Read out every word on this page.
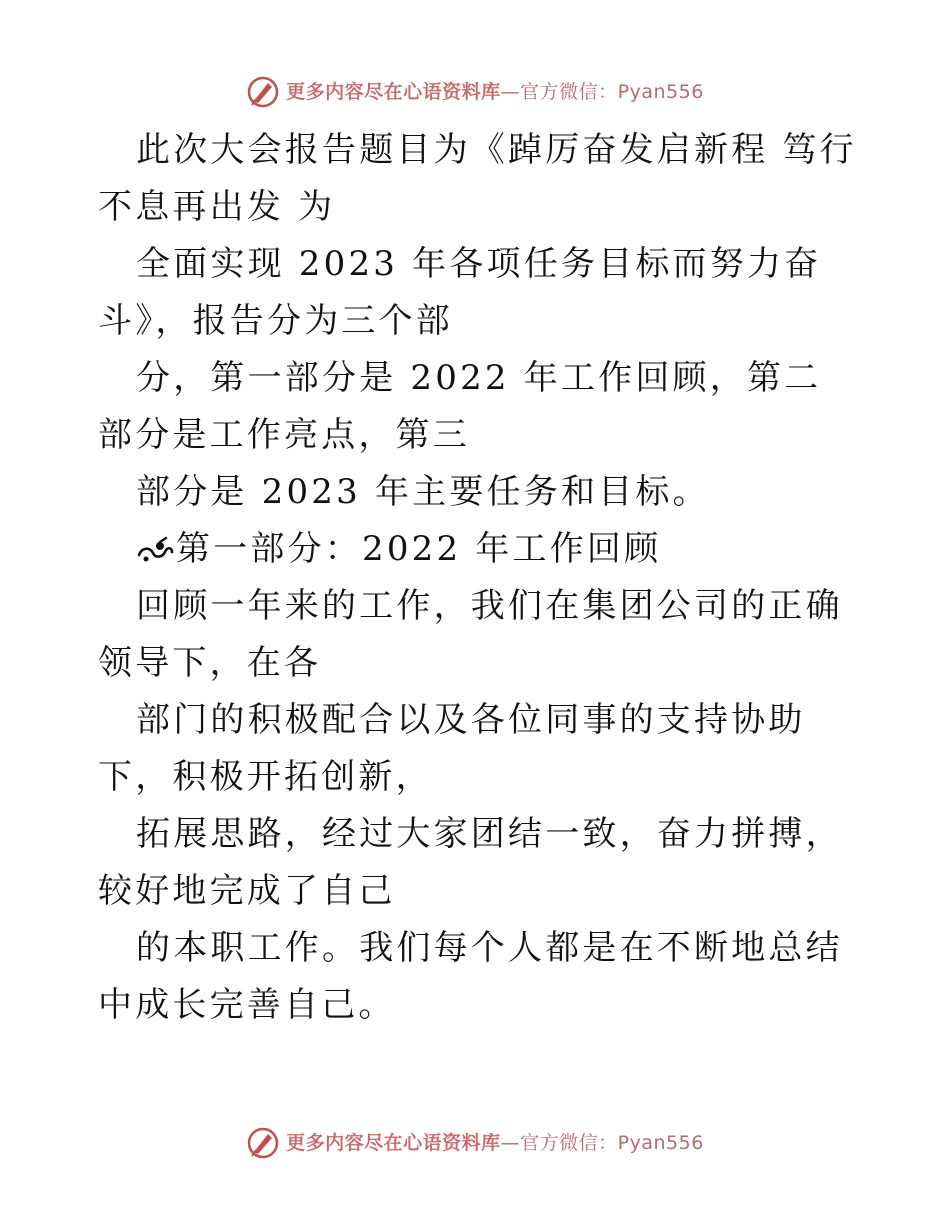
更多内容尽在心语资料库 —官方微信：Pyan556

此次大会报告题目为《踔厉奋发启新程 笃行不息再出发 为

全面实现 2023 年各项任务目标而努力奋斗》，报告分为三个部

分，第一部分是 2022 年工作回顾，第二部分是工作亮点，第三

部分是 2023 年主要任务和目标。

第一部分：2022 年工作回顾

回顾一年来的工作，我们在集团公司的正确领导下，在各

部门的积极配合以及各位同事的支持协助下，积极开拓创新，

拓展思路，经过大家团结一致，奋力拼搏，较好地完成了自己

的本职工作。我们每个人都是在不断地总结中成长完善自己。

更多内容尽在心语资料库 —官方微信：Pyan556
